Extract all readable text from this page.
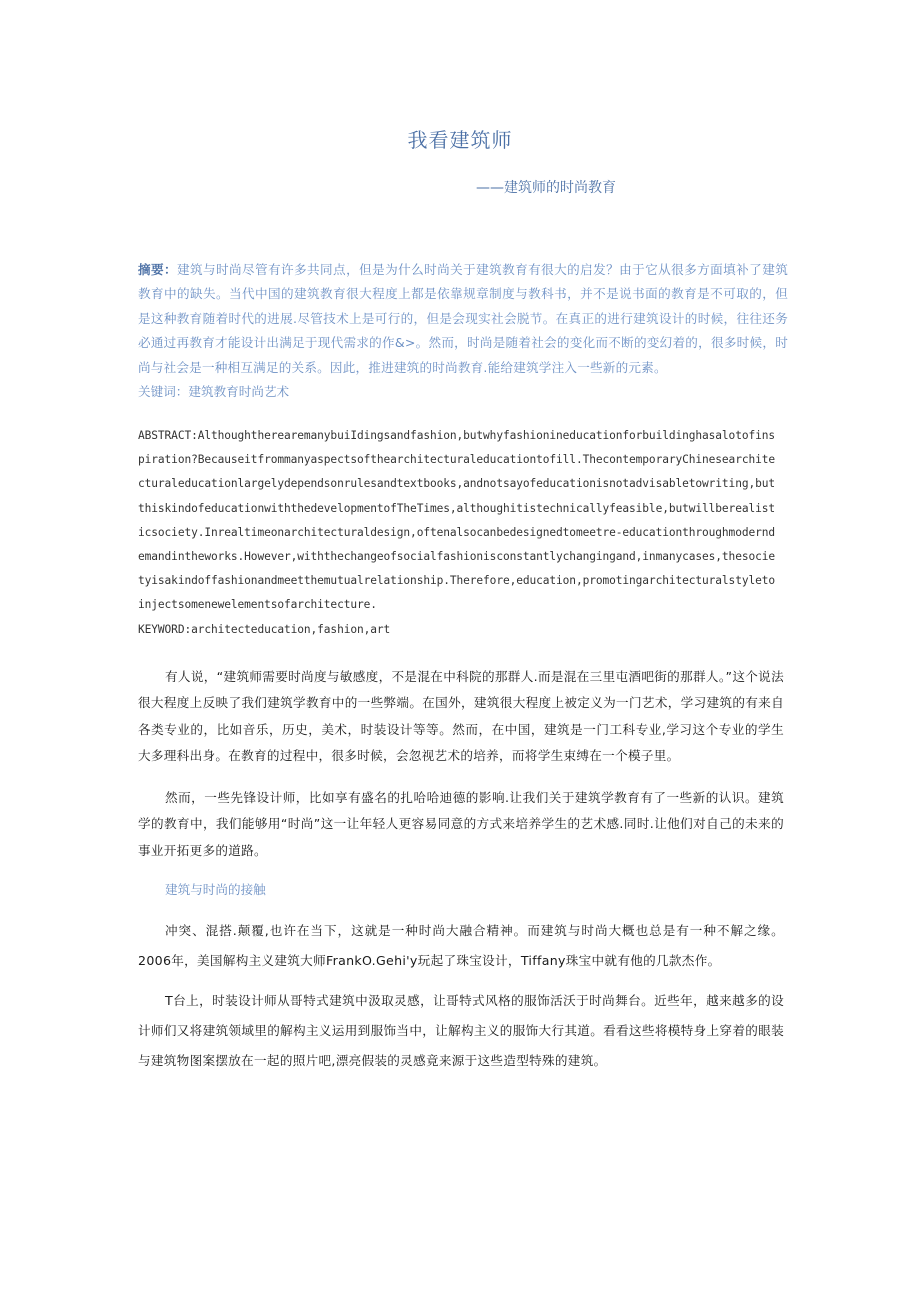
我看建筑师
——建筑师的时尚教育
摘要：建筑与时尚尽管有许多共同点，但是为什么时尚关于建筑教育有很大的启发？由于它从很多方面填补了建筑教育中的缺失。当代中国的建筑教育很大程度上都是依靠规章制度与教科书，并不是说书面的教育是不可取的，但是这种教育随着时代的进展.尽管技术上是可行的，但是会现实社会脱节。在真正的进行建筑设计的时候，往往还务必通过再教育才能设计出满足于现代需求的作&>。然而，时尚是随着社会的变化而不断的变幻着的，很多时候，时尚与社会是一种相互满足的关系。因此，推进建筑的时尚教育.能给建筑学注入一些新的元素。
关键词：建筑教育时尚艺术
ABSTRACT:AlthoughtherearemanybuiIdingsandfashion,butwhyfashionineducationforbuildinghasalotofinspiration?Becauseitfrommanyaspectsofthearchitecturaleducationtofill.ThecontemporaryChinesearchitecturaleducationlargelydependsonrulesandtextbooks,andnotsayofeducationisnotadvisabletowriting,butthiskindofeducationwiththedevelopmentofTheTimes,althoughitistechnicallyfeasible,butwillberealisticsociety.Inrealtimeonarchitecturaldesign,oftenalsocanbedesignedtomeetre-educationthroughmoderndemandintheworks.However,withthechangeofsocialfashionisconstantlychangingand,inmanycases,thesocietyisakindoffashionandmeetthemutualrelationship.Therefore,education,promotingarchitecturalstyletoinjectsomenewelementsofarchitecture.
KEYWORD:architecteducation,fashion,art
有人说，“建筑师需要时尚度与敏感度，不是混在中科院的那群人.而是混在三里屯酒吧街的那群人。”这个说法很大程度上反映了我们建筑学教育中的一些弊端。在国外，建筑很大程度上被定义为一门艺术，学习建筑的有来自各类专业的，比如音乐，历史，美术，时装设计等等。然而，在中国，建筑是一门工科专业,学习这个专业的学生大多理科出身。在教育的过程中，很多时候，会忽视艺术的培养，而将学生束缚在一个模子里。
然而，一些先锋设计师，比如享有盛名的扎哈哈迪德的影响.让我们关于建筑学教育有了一些新的认识。建筑学的教育中，我们能够用“时尚”这一让年轻人更容易同意的方式来培养学生的艺术感.同时.让他们对自己的未来的事业开拓更多的道路。
建筑与时尚的接触
冲突、混搭.颠覆,也许在当下，这就是一种时尚大融合精神。而建筑与时尚大概也总是有一种不解之缘。2006年，美国解构主义建筑大师FrankO.Gehi'y玩起了珠宝设计，Tiffany珠宝中就有他的几款杰作。
T台上，时装设计师从哥特式建筑中汲取灵感，让哥特式风格的服饰活沃于时尚舞台。近些年，越来越多的设计师们又将建筑领域里的解构主义运用到服饰当中，让解构主义的服饰大行其道。看看这些将模特身上穿着的眼装与建筑物图案摆放在一起的照片吧,漂亮假装的灵感竟来源于这些造型特殊的建筑。
